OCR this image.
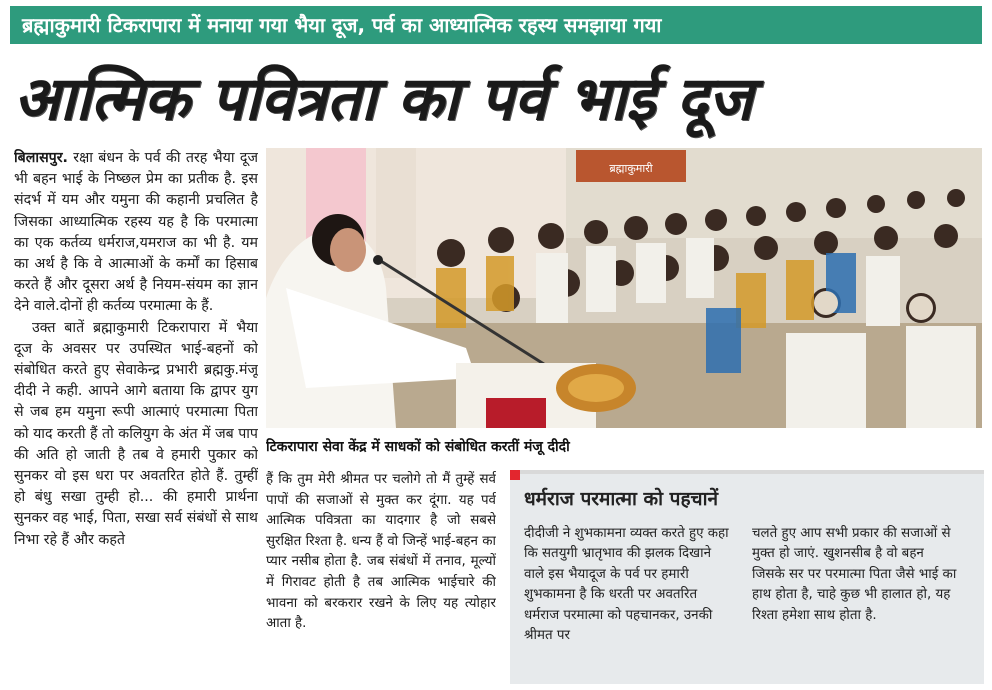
ब्रह्माकुमारी टिकरापारा में मनाया गया भैया दूज, पर्व का आध्यात्मिक रहस्य समझाया गया
आत्मिक पवित्रता का पर्व भाई दूज

बिलासपुर. रक्षा बंधन के पर्व की तरह भैया दूज भी बहन भाई के निष्छल प्रेम का प्रतीक है. इस संदर्भ में यम और यमुना की कहानी प्रचलित है जिसका आध्यात्मिक रहस्य यह है कि परमात्मा का एक कर्तव्य धर्मराज,यमराज का भी है. यम का अर्थ है कि वे आत्माओं के कर्मों का हिसाब करते हैं और दूसरा अर्थ है नियम-संयम का ज्ञान देने वाले.दोनों ही कर्तव्य परमात्मा के हैं.

उक्त बातें ब्रह्माकुमारी टिकरापारा में भैया दूज के अवसर पर उपस्थित भाई-बहनों को संबोधित करते हुए सेवाकेन्द्र प्रभारी ब्रह्मकु.मंजू दीदी ने कही. आपने आगे बताया कि द्वापर युग से जब हम यमुना रूपी आत्माएं परमात्मा पिता को याद करती हैं तो कलियुग के अंत में जब पाप की अति हो जाती है तब वे हमारी पुकार को सुनकर वो इस धरा पर अवतरित होते हैं. तुम्हीं हो बंधु सखा तुम्ही हो... की हमारी प्रार्थना सुनकर वह भाई, पिता, सखा सर्व संबंधों से साथ निभा रहे हैं और कहते

ब्रह्माकुमारी
टिकरापारा सेवा केंद्र में साधकों को संबोधित करतीं मंजू दीदी
हैं कि तुम मेरी श्रीमत पर चलोगे तो मैं तुम्हें सर्व पापों की सजाओं से मुक्त कर दूंगा. यह पर्व आत्मिक पवित्रता का यादगार है जो सबसे सुरक्षित रिश्ता है. धन्य हैं वो जिन्हें भाई-बहन का प्यार नसीब होता है. जब संबंधों में तनाव, मूल्यों में गिरावट होती है तब आत्मिक भाईचारे की भावना को बरकरार रखने के लिए यह त्योहार आता है.
धर्मराज परमात्मा को पहचानें
दीदीजी ने शुभकामना व्यक्त करते हुए कहा कि सतयुगी भ्रातृभाव की झलक दिखाने वाले इस भैयादूज के पर्व पर हमारी शुभकामना है कि धरती पर अवतरित धर्मराज परमात्मा को पहचानकर, उनकी श्रीमत पर
चलते हुए आप सभी प्रकार की सजाओं से मुक्त हो जाएं. खुशनसीब है वो बहन जिसके सर पर परमात्मा पिता जैसे भाई का हाथ होता है, चाहे कुछ भी हालात हो, यह रिश्ता हमेशा साथ होता है.
